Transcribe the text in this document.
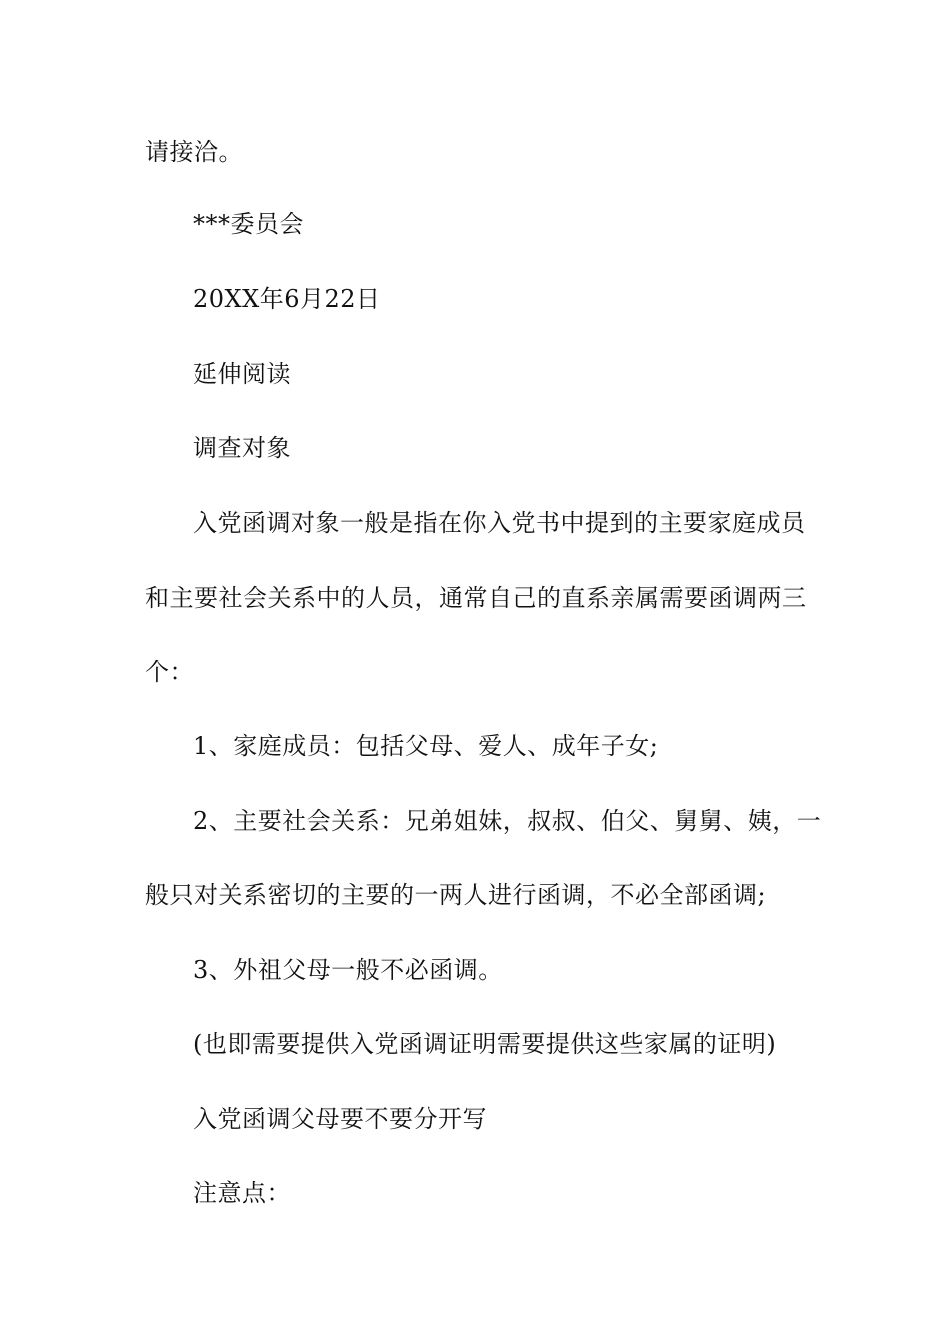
请接洽。
***委员会
20XX年6月22日
延伸阅读
调查对象
入党函调对象一般是指在你入党书中提到的主要家庭成员
和主要社会关系中的人员，通常自己的直系亲属需要函调两三
个：
1、家庭成员：包括父母、爱人、成年子女;
2、主要社会关系：兄弟姐妹，叔叔、伯父、舅舅、姨，一
般只对关系密切的主要的一两人进行函调，不必全部函调;
3、外祖父母一般不必函调。
(也即需要提供入党函调证明需要提供这些家属的证明)
入党函调父母要不要分开写
注意点：
